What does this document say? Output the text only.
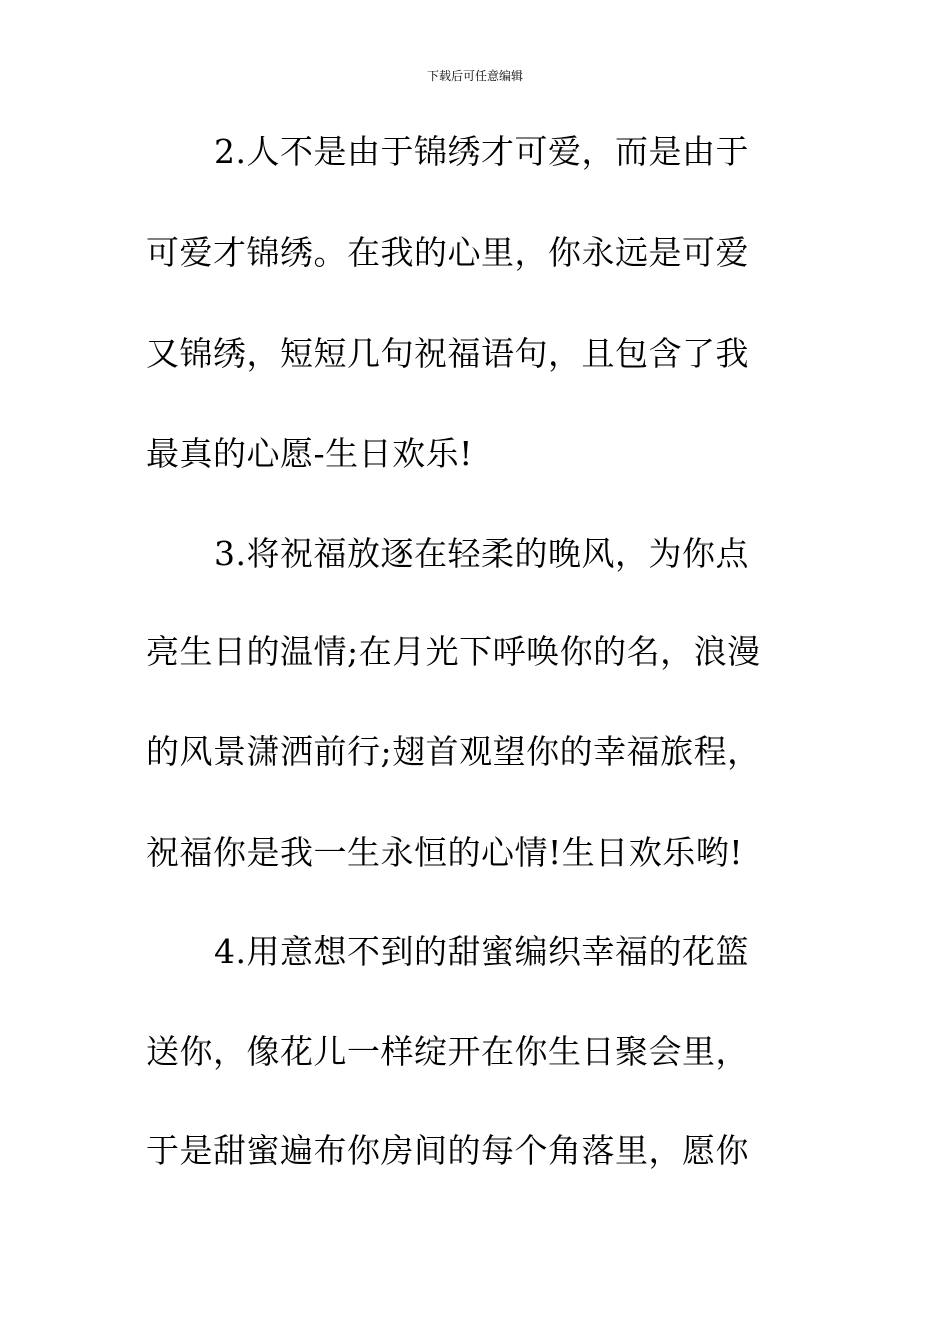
下载后可任意编辑
2.人不是由于锦绣才可爱，而是由于
可爱才锦绣。在我的心里，你永远是可爱
又锦绣，短短几句祝福语句，且包含了我
最真的心愿-生日欢乐!
3.将祝福放逐在轻柔的晚风，为你点
亮生日的温情;在月光下呼唤你的名，浪漫
的风景潇洒前行;翅首观望你的幸福旅程，
祝福你是我一生永恒的心情!生日欢乐哟!
4.用意想不到的甜蜜编织幸福的花篮
送你，像花儿一样绽开在你生日聚会里，
于是甜蜜遍布你房间的每个角落里，愿你
